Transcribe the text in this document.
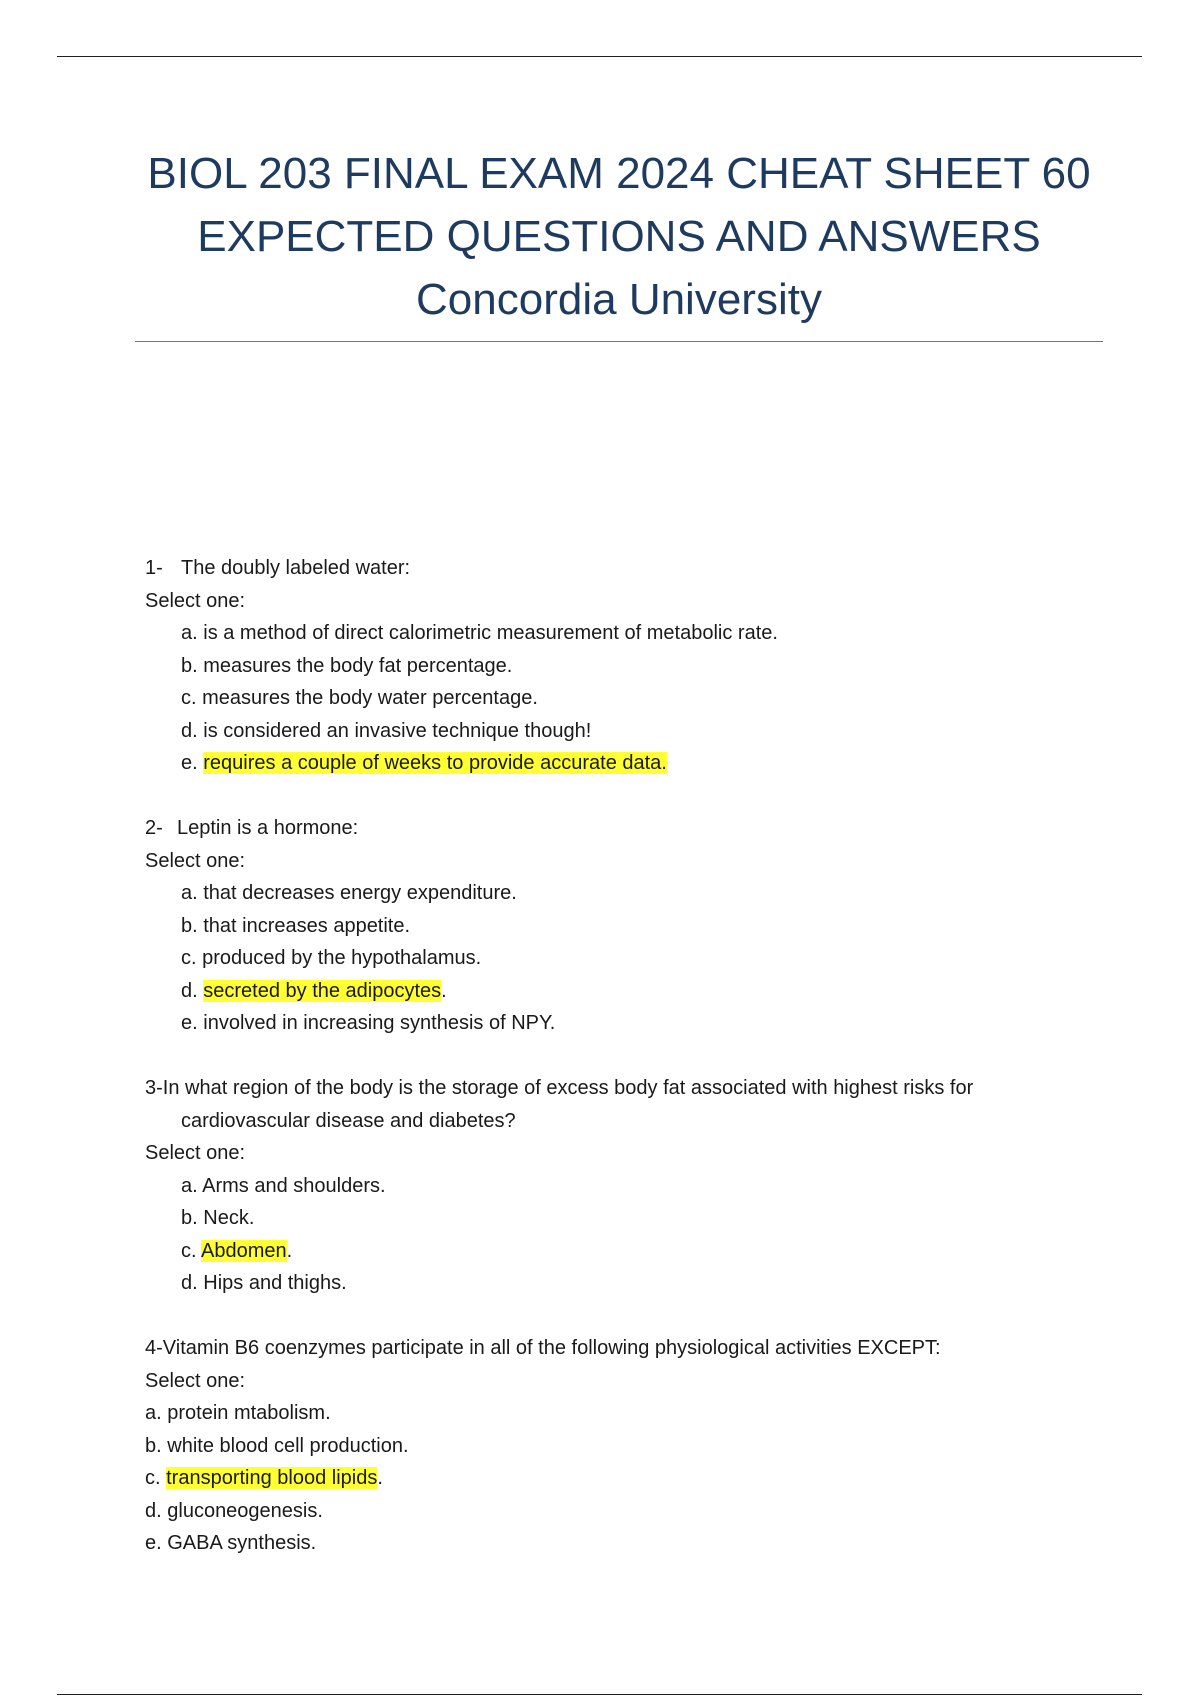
BIOL 203 FINAL EXAM 2024 CHEAT SHEET 60
EXPECTED QUESTIONS AND ANSWERS
Concordia University
1- The doubly labeled water:
Select one:
a. is a method of direct calorimetric measurement of metabolic rate.
b. measures the body fat percentage.
c. measures the body water percentage.
d. is considered an invasive technique though!
e. requires a couple of weeks to provide accurate data.
2- Leptin is a hormone:
Select one:
a. that decreases energy expenditure.
b. that increases appetite.
c. produced by the hypothalamus.
d. secreted by the adipocytes.
e. involved in increasing synthesis of NPY.
3-In what region of the body is the storage of excess body fat associated with highest risks for
cardiovascular disease and diabetes?
Select one:
a. Arms and shoulders.
b. Neck.
c. Abdomen.
d. Hips and thighs.
4-Vitamin B6 coenzymes participate in all of the following physiological activities EXCEPT:
Select one:
a. protein mtabolism.
b. white blood cell production.
c. transporting blood lipids.
d. gluconeogenesis.
e. GABA synthesis.
